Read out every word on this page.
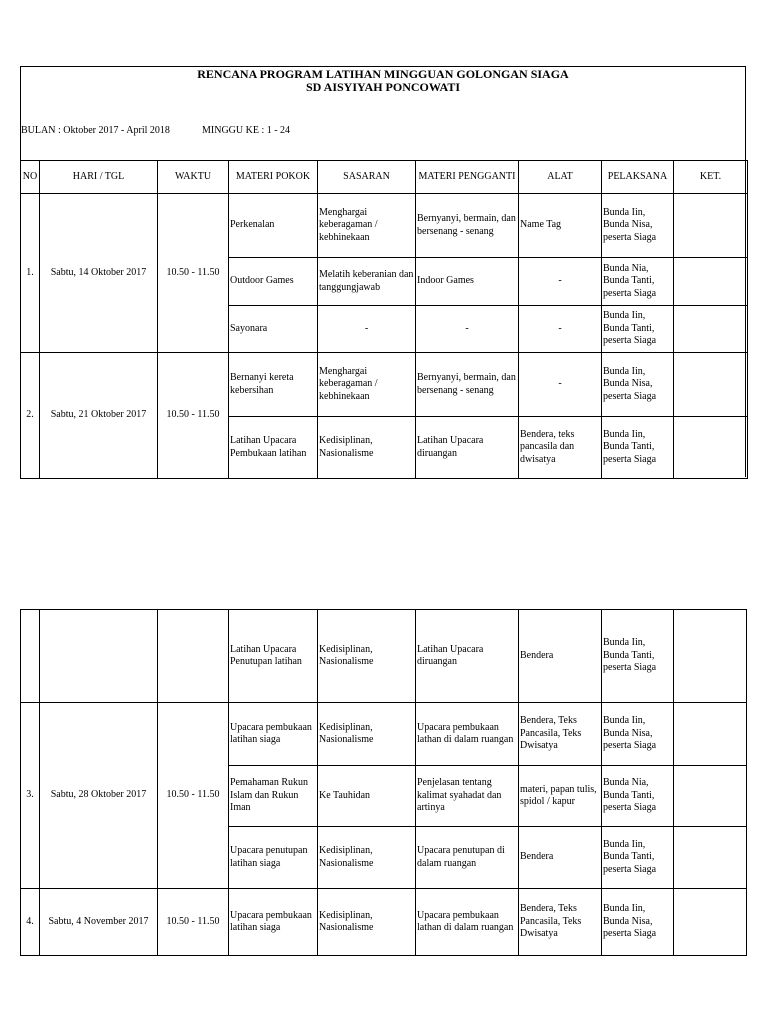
RENCANA PROGRAM LATIHAN MINGGUAN GOLONGAN SIAGA
SD AISYIYAH PONCOWATI
BULAN : Oktober 2017 - April 2018	MINGGU KE : 1 - 24
NO	HARI / TGL	WAKTU	MATERI POKOK	SASARAN	MATERI PENGGANTI	ALAT	PELAKSANA	KET.
1.	Sabtu, 14 Oktober 2017	10.50 - 11.50	Perkenalan	Menghargai keberagaman / kebhinekaan	Bernyanyi, bermain, dan bersenang - senang	Name Tag	Bunda Iin, Bunda Nisa, peserta Siaga	
			Outdoor Games	Melatih keberanian dan tanggungjawab	Indoor Games	-	Bunda Nia, Bunda Tanti, peserta Siaga	
			Sayonara	-	-	-	Bunda Iin, Bunda Tanti, peserta Siaga	
2.	Sabtu, 21 Oktober 2017	10.50 - 11.50	Bernanyi kereta kebersihan	Menghargai keberagaman / kebhinekaan	Bernyanyi, bermain, dan bersenang - senang	-	Bunda Iin, Bunda Nisa, peserta Siaga	
			Latihan Upacara Pembukaan latihan	Kedisiplinan, Nasionalisme	Latihan Upacara diruangan	Bendera, teks pancasila dan dwisatya	Bunda Iin, Bunda Tanti, peserta Siaga	
			Latihan Upacara Penutupan latihan	Kedisiplinan, Nasionalisme	Latihan Upacara diruangan	Bendera	Bunda Iin, Bunda Tanti, peserta Siaga	
3.	Sabtu, 28 Oktober 2017	10.50 - 11.50	Upacara pembukaan latihan siaga	Kedisiplinan, Nasionalisme	Upacara pembukaan lathan di dalam ruangan	Bendera, Teks Pancasila, Teks Dwisatya	Bunda Iin, Bunda Nisa, peserta Siaga	
			Pemahaman Rukun Islam dan Rukun Iman	Ke Tauhidan	Penjelasan tentang kalimat syahadat dan artinya	materi, papan tulis, spidol / kapur	Bunda Nia, Bunda Tanti, peserta Siaga	
			Upacara penutupan latihan siaga	Kedisiplinan, Nasionalisme	Upacara penutupan di dalam ruangan	Bendera	Bunda Iin, Bunda Tanti, peserta Siaga	
4.	Sabtu, 4 November 2017	10.50 - 11.50	Upacara pembukaan latihan siaga	Kedisiplinan, Nasionalisme	Upacara pembukaan lathan di dalam ruangan	Bendera, Teks Pancasila, Teks Dwisatya	Bunda Iin, Bunda Nisa, peserta Siaga	
